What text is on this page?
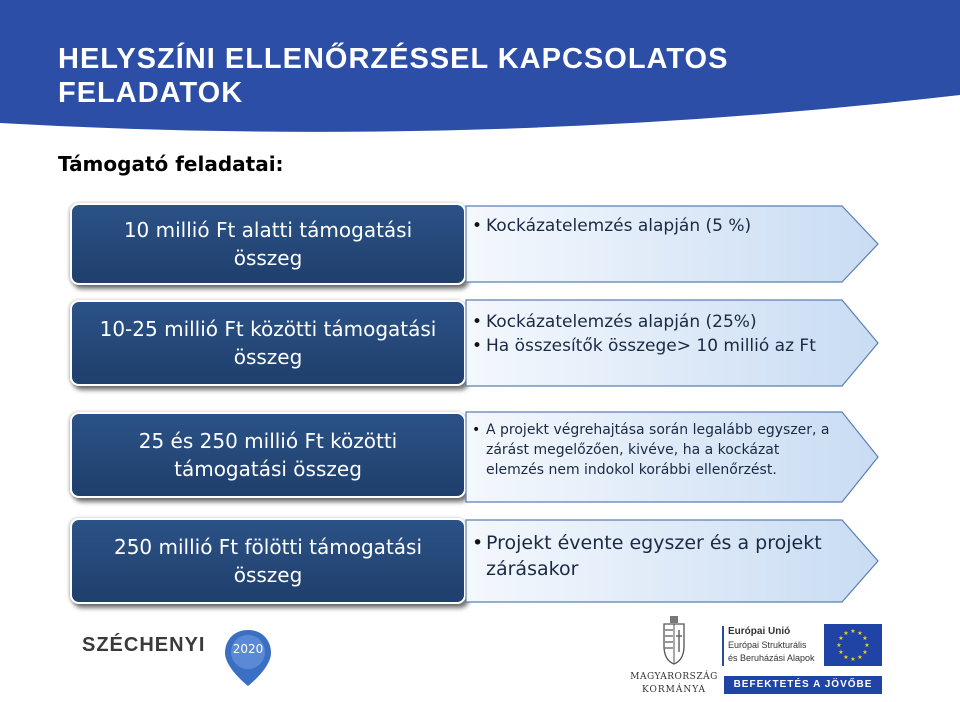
HELYSZÍNI ELLENŐRZÉSSEL KAPCSOLATOS FELADATOK
Támogató feladatai:
10 millió Ft alatti támogatási összeg
• Kockázatelemzés alapján (5 %)
10-25 millió Ft közötti támogatási összeg
• Kockázatelemzés alapján (25%)
• Ha összesítők összege> 10 millió az Ft
25 és 250 millió Ft közötti támogatási összeg
• A projekt végrehajtása során legalább egyszer, a zárást megelőzően, kivéve, ha a kockázat elemzés nem indokol korábbi ellenőrzést.
250 millió Ft fölötti támogatási összeg
• Projekt évente egyszer és a projekt zárásakor
SZÉCHENYI	2020
MAGYARORSZÁG
KORMÁNYA
Európai Unió
Európai Strukturális
és Beruházási Alapok
★ ★
★
★
★
★
★
★
★
★
★
★
BEFEKTETÉS A JÖVŐBE
